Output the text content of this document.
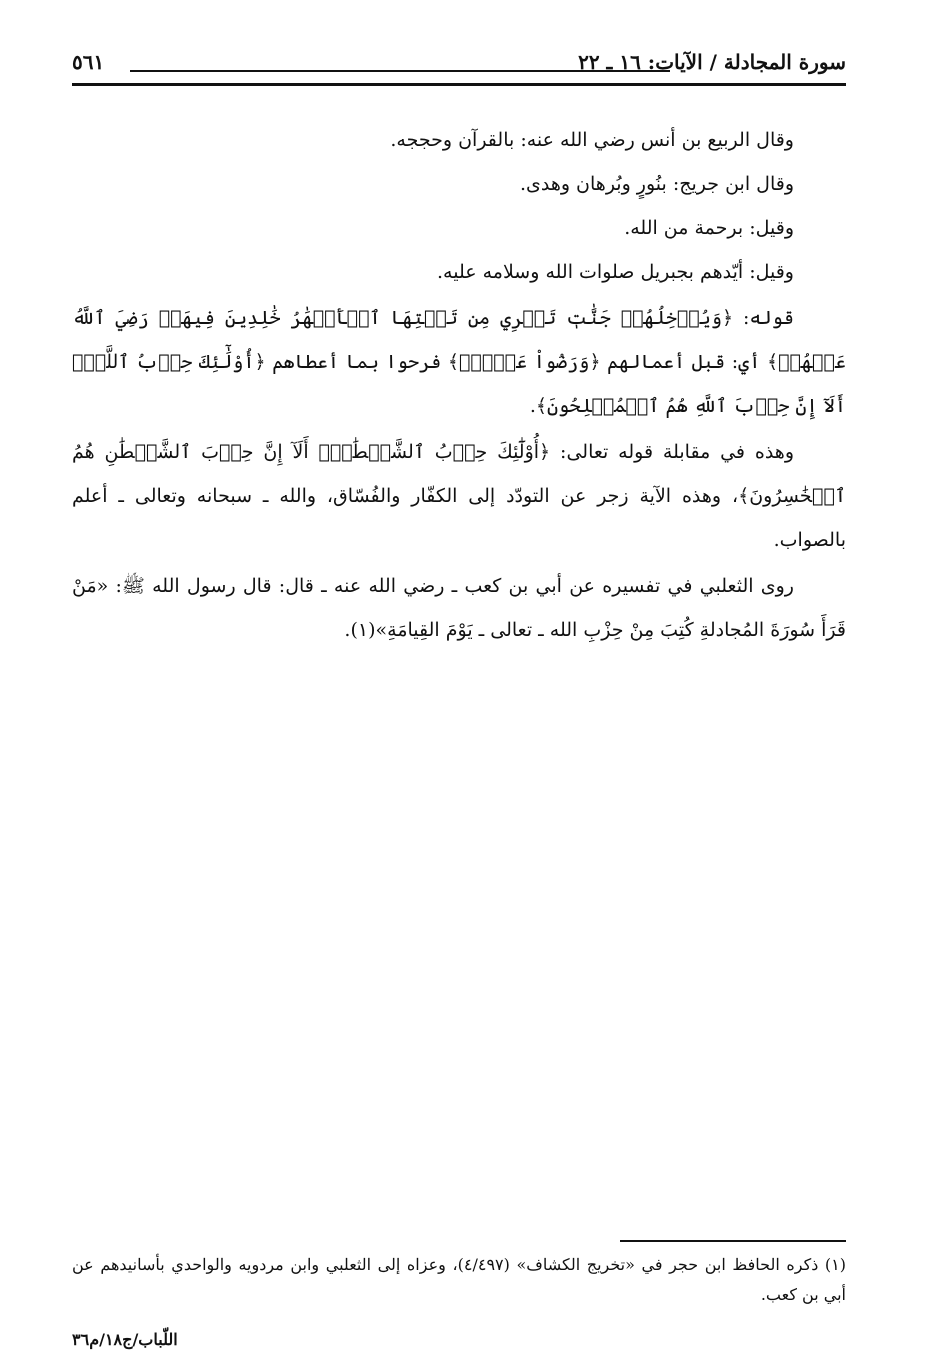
سورة المجادلة / الآيات: ١٦ ـ ٢٢
٥٦١

وقال الربيع بن أنس رضي الله عنه: بالقرآن وحججه.

وقال ابن جريج: بنُورٍ وبُرهان وهدى.

وقيل: برحمة من الله.

وقيل: أيّدهم بجبريل صلوات الله وسلامه عليه.

قوله: ﴿وَيُدۡخِلُهُمۡ جَنَّٰتٖ تَجۡرِي مِن تَحۡتِهَا ٱلۡأَنۡهَٰرُ خَٰلِدِينَ فِيهَاۚ رَضِيَ ٱللَّهُ عَنۡهُمۡ﴾ أي: قبل أعمالهم ﴿وَرَضُواْ عَنۡهُۚ﴾ فرحوا بما أعطاهم ﴿أُوْلَٰٓئِكَ حِزۡبُ ٱللَّهِۚ أَلَآ إِنَّ حِزۡبَ ٱللَّهِ هُمُ ٱلۡمُفۡلِحُونَ﴾.

وهذه في مقابلة قوله تعالى: ﴿أُوْلَٰٓئِكَ حِزۡبُ ٱلشَّيۡطَٰنِۚ أَلَآ إِنَّ حِزۡبَ ٱلشَّيۡطَٰنِ هُمُ ٱلۡخَٰسِرُونَ﴾، وهذه الآية زجر عن التودّد إلى الكفّار والفُسّاق، والله ـ سبحانه وتعالى ـ أعلم بالصواب.

روى الثعلبي في تفسيره عن أبي بن كعب ـ رضي الله عنه ـ قال: قال رسول الله ﷺ: «مَنْ قَرَأَ سُورَةَ المُجادلةِ كُتِبَ مِنْ حِزْبِ الله ـ تعالى ـ يَوْمَ القِيامَةِ»(١).

(١) ذكره الحافظ ابن حجر في «تخريج الكشاف» (٤/٤٩٧)، وعزاه إلى الثعلبي وابن مردويه والواحدي بأسانيدهم عن أبي بن كعب.

اللّباب/ج١٨/م٣٦
